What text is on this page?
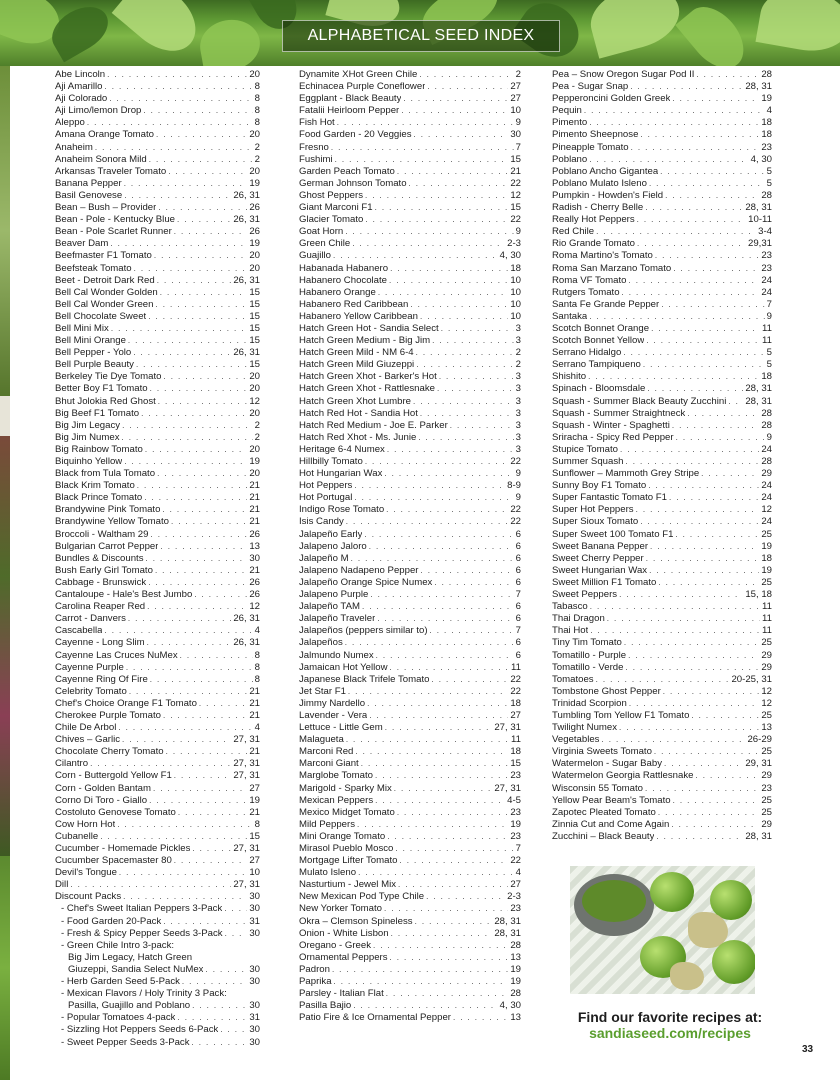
ALPHABETICAL SEED INDEX
Abe Lincoln . . .	20
Aji Amarillo . . .	8
Aji Colorado . . .	8
Aji Limo/lemon Drop . . .	8
Aleppo . . .	8
Amana Orange Tomato . . .	20
Anaheim . . .	2
Anaheim Sonora Mild . . .	2
Arkansas Traveler Tomato . . .	20
Banana Pepper . . .	19
Basil Genovese . . .	26, 31
Bean – Bush – Provider . . .	26
Bean - Pole - Kentucky Blue . . .	26, 31
Bean - Pole Scarlet Runner . . .	26
Beaver Dam . . .	19
Beefmaster F1 Tomato . . .	20
Beefsteak Tomato . . .	20
Beet - Detroit Dark Red . . .	26, 31
Bell Cal Wonder Golden . . .	15
Bell Cal Wonder Green . . .	15
Bell Chocolate Sweet . . .	15
Bell Mini Mix . . .	15
Bell Mini Orange . . .	15
Bell Pepper - Yolo . . .	26, 31
Bell Purple Beauty . . .	15
Berkeley Tie Dye Tomato . . .	20
Better Boy F1 Tomato . . .	20
Bhut Jolokia Red Ghost . . .	12
Big Beef F1 Tomato . . .	20
Big Jim Legacy . . .	2
Big Jim Numex . . .	2
Big Rainbow Tomato . . .	20
Biquinho Yellow . . .	19
Black from Tula Tomato . . .	20
Black Krim Tomato . . .	21
Black Prince Tomato . . .	21
Brandywine Pink Tomato . . .	21
Brandywine Yellow Tomato . . .	21
Broccoli - Waltham 29 . . .	26
Bulgarian Carrot Pepper . . .	13
Bundles & Discounts . . .	30
Bush Early Girl Tomato . . .	21
Cabbage - Brunswick . . .	26
Cantaloupe - Hale's Best Jumbo . . .	26
Carolina Reaper Red . . .	12
Carrot - Danvers . . .	26, 31
Cascabella . . .	4
Cayenne - Long Slim . . .	26, 31
Cayenne Las Cruces NuMex . . .	8
Cayenne Purple . . .	8
Cayenne Ring Of Fire . . .	8
Celebrity Tomato . . .	21
Chef's Choice Orange F1 Tomato . . .	21
Cherokee Purple Tomato . . .	21
Chile De Arbol . . .	4
Chives – Garlic . . .	27, 31
Chocolate Cherry Tomato . . .	21
Cilantro . . .	27, 31
Corn - Buttergold Yellow F1 . . .	27, 31
Corn - Golden Bantam . . .	27
Corno Di Toro - Giallo . . .	19
Costoluto Genovese Tomato . . .	21
Cow Horn Hot . . .	8
Cubanelle . . .	15
Cucumber - Homemade Pickles . . .	27, 31
Cucumber Spacemaster 80 . . .	27
Devil's Tongue . . .	10
Dill . . .	27, 31
Discount Packs . . .	30
- Chef's Sweet Italian Peppers 3-Pack . . .	30
- Food Garden 20-Pack . . .	31
- Fresh & Spicy Pepper Seeds 3-Pack . . .	30
- Green Chile Intro 3-pack:
Big Jim Legacy, Hatch Green
Giuzeppi, Sandia Select NuMex . . .	30
- Herb Garden Seed 5-Pack . . .	30
- Mexican Flavors / Holy Trinity 3 Pack:
Pasilla, Guajillo and Poblano . . .	30
- Popular Tomatoes 4-pack . . .	31
- Sizzling Hot Peppers Seeds 6-Pack . . .	30
- Sweet Pepper Seeds 3-Pack . . .	30
Dynamite XHot Green Chile . . .	2
Echinacea Purple Coneflower . . .	27
Eggplant - Black Beauty . . .	27
Fatalii Heirloom Pepper . . .	10
Fish Hot . . .	9
Food Garden - 20 Veggies . . .	30
Fresno . . .	7
Fushimi . . .	15
Garden Peach Tomato . . .	21
German Johnson Tomato . . .	22
Ghost Peppers . . .	12
Giant Marconi F1 . . .	15
Glacier Tomato . . .	22
Goat Horn . . .	9
Green Chile . . .	2-3
Guajillo . . .	4, 30
Habanada Habanero . . .	18
Habanero Chocolate . . .	10
Habanero Orange . . .	10
Habanero Red Caribbean . . .	10
Habanero Yellow Caribbean . . .	10
Hatch Green Hot - Sandia Select . . .	3
Hatch Green Medium - Big Jim . . .	3
Hatch Green Mild - NM 6-4 . . .	2
Hatch Green Mild Giuzeppi . . .	2
Hatch Green Xhot - Barker's Hot . . .	3
Hatch Green Xhot - Rattlesnake . . .	3
Hatch Green Xhot Lumbre . . .	3
Hatch Red Hot - Sandia Hot . . .	3
Hatch Red Medium - Joe E. Parker . . .	3
Hatch Red Xhot - Ms. Junie . . .	3
Heritage 6-4 Numex . . .	3
Hillbilly Tomato . . .	22
Hot Hungarian Wax . . .	9
Hot Peppers . . .	8-9
Hot Portugal . . .	9
Indigo Rose Tomato . . .	22
Isis Candy . . .	22
Jalapeño Early . . .	6
Jalapeno Jaloro . . .	6
Jalapeño M . . .	6
Jalapeno Nadapeno Pepper . . .	6
Jalapeño Orange Spice Numex . . .	6
Jalapeno Purple . . .	7
Jalapeño TAM . . .	6
Jalapeño Traveler . . .	6
Jalapeños (peppers similar to) . . .	7
Jalapeños . . .	6
Jalmundo Numex . . .	6
Jamaican Hot Yellow . . .	11
Japanese Black Trifele Tomato . . .	22
Jet Star F1 . . .	22
Jimmy Nardello . . .	18
Lavender - Vera . . .	27
Lettuce - Little Gem . . .	27, 31
Malagueta . . .	11
Marconi Red . . .	18
Marconi Giant . . .	15
Marglobe Tomato . . .	23
Marigold - Sparky Mix . . .	27, 31
Mexican Peppers . . .	4-5
Mexico Midget Tomato . . .	23
Mild Peppers . . .	19
Mini Orange Tomato . . .	23
Mirasol Pueblo Mosco . . .	7
Mortgage Lifter Tomato . . .	22
Mulato Isleno . . .	4
Nasturtium - Jewel Mix . . .	27
New Mexican Pod Type Chile . . .	2-3
New Yorker Tomato . . .	23
Okra – Clemson Spineless . . .	28, 31
Onion - White Lisbon . . .	28, 31
Oregano - Greek . . .	28
Ornamental Peppers . . .	13
Padron . . .	19
Paprika . . .	19
Parsley - Italian Flat . . .	28
Pasilla Bajio . . .	4, 30
Patio Fire & Ice Ornamental Pepper . . .	13
Pea – Snow Oregon Sugar Pod II . . .	28
Pea - Sugar Snap . . .	28, 31
Pepperoncini Golden Greek . . .	19
Pequin . . .	4
Pimento . . .	18
Pimento Sheepnose . . .	18
Pineapple Tomato . . .	23
Poblano . . .	4, 30
Poblano Ancho Gigantea . . .	5
Poblano Mulato Isleno . . .	5
Pumpkin - Howden's Field . . .	28
Radish - Cherry Belle . . .	28, 31
Really Hot Peppers . . .	10-11
Red Chile . . .	3-4
Rio Grande Tomato . . .	29,31
Roma Martino's Tomato . . .	23
Roma San Marzano Tomato . . .	23
Roma VF Tomato . . .	24
Rutgers Tomato . . .	24
Santa Fe Grande Pepper . . .	7
Santaka . . .	9
Scotch Bonnet Orange . . .	11
Scotch Bonnet Yellow . . .	11
Serrano Hidalgo . . .	5
Serrano Tampiqueno . . .	5
Shishito . . .	18
Spinach - Bloomsdale . . .	28, 31
Squash - Summer Black Beauty Zucchini . . . 28, 31
Squash - Summer Straightneck . . .	28
Squash - Winter - Spaghetti . . .	28
Sriracha - Spicy Red Pepper . . .	9
Stupice Tomato . . .	24
Summer Squash . . .	28
Sunflower – Mammoth Grey Stripe . . .	29
Sunny Boy F1 Tomato . . .	24
Super Fantastic Tomato F1 . . .	24
Super Hot Peppers . . .	12
Super Sioux Tomato . . .	24
Super Sweet 100 Tomato F1 . . .	25
Sweet Banana Pepper . . .	19
Sweet Cherry Pepper . . .	18
Sweet Hungarian Wax . . .	19
Sweet Million F1 Tomato . . .	25
Sweet Peppers . . .	15, 18
Tabasco . . .	11
Thai Dragon . . .	11
Thai Hot . . .	11
Tiny Tim Tomato . . .	25
Tomatillo - Purple . . .	29
Tomatillo - Verde . . .	29
Tomatoes . . .	20-25, 31
Tombstone Ghost Pepper . . .	12
Trinidad Scorpion . . .	12
Tumbling Tom Yellow F1 Tomato . . .	25
Twilight Numex . . .	13
Vegetables . . .	26-29
Virginia Sweets Tomato . . .	25
Watermelon - Sugar Baby . . .	29, 31
Watermelon Georgia Rattlesnake . . .	29
Wisconsin 55 Tomato . . .	23
Yellow Pear Beam's Tomato . . .	25
Zapotec Pleated Tomato . . .	25
Zinnia Cut and Come Again . . .	29
Zucchini – Black Beauty . . .	28, 31
Find our favorite recipes at:
sandiaseed.com/recipes
33
